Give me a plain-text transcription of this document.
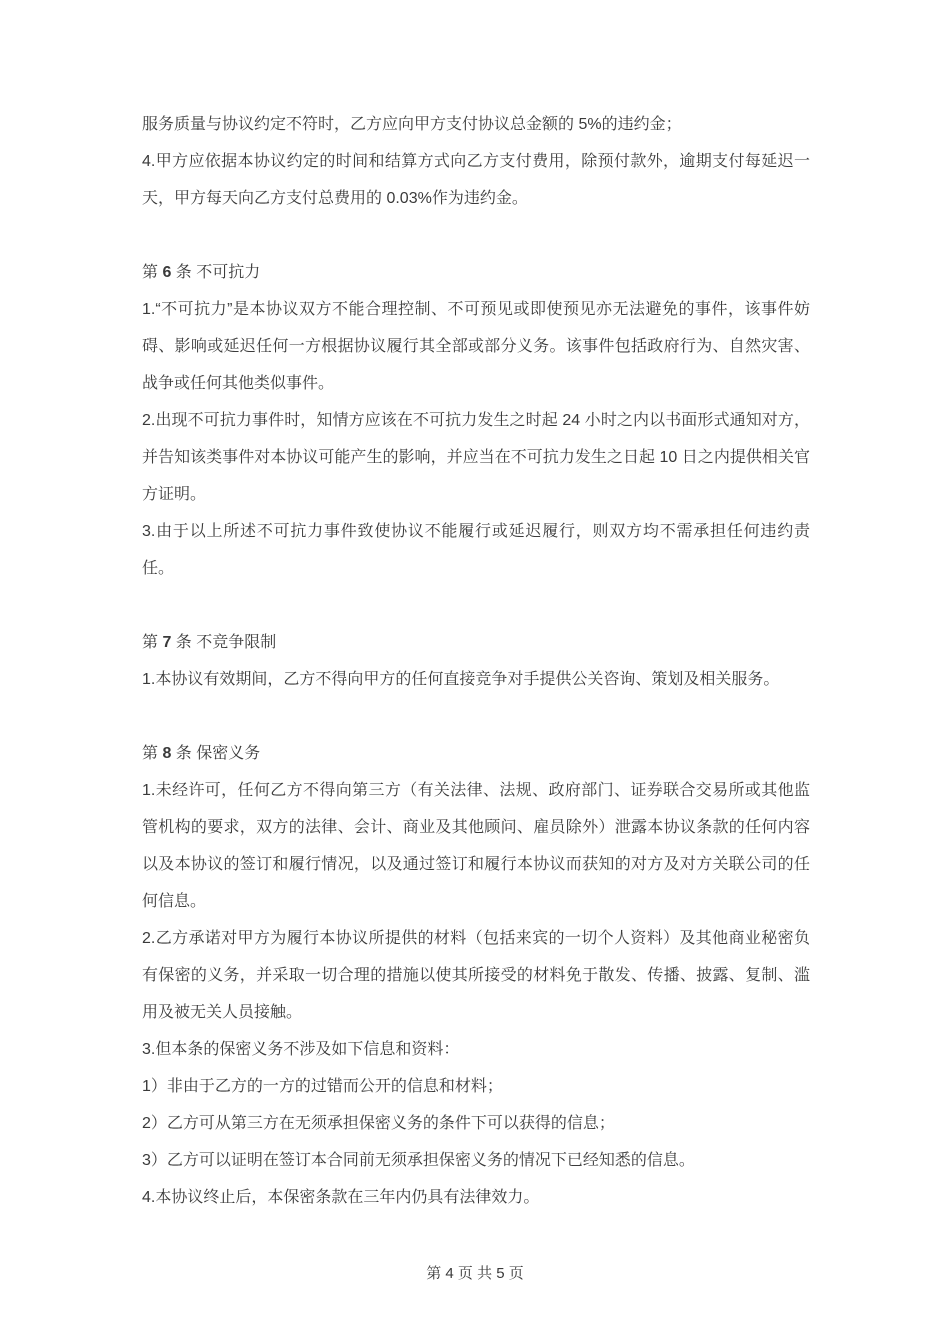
服务质量与协议约定不符时，乙方应向甲方支付协议总金额的 5%的违约金；

4.甲方应依据本协议约定的时间和结算方式向乙方支付费用，除预付款外，逾期支付每延迟一天，甲方每天向乙方支付总费用的 0.03%作为违约金。

第 6 条 不可抗力

1.“不可抗力”是本协议双方不能合理控制、不可预见或即使预见亦无法避免的事件，该事件妨碍、影响或延迟任何一方根据协议履行其全部或部分义务。该事件包括政府行为、自然灾害、战争或任何其他类似事件。

2.出现不可抗力事件时，知情方应该在不可抗力发生之时起 24 小时之内以书面形式通知对方，并告知该类事件对本协议可能产生的影响，并应当在不可抗力发生之日起 10 日之内提供相关官方证明。

3.由于以上所述不可抗力事件致使协议不能履行或延迟履行，则双方均不需承担任何违约责任。

第 7 条 不竞争限制

1.本协议有效期间，乙方不得向甲方的任何直接竞争对手提供公关咨询、策划及相关服务。

第 8 条 保密义务

1.未经许可，任何乙方不得向第三方（有关法律、法规、政府部门、证券联合交易所或其他监管机构的要求，双方的法律、会计、商业及其他顾问、雇员除外）泄露本协议条款的任何内容以及本协议的签订和履行情况，以及通过签订和履行本协议而获知的对方及对方关联公司的任何信息。

2.乙方承诺对甲方为履行本协议所提供的材料（包括来宾的一切个人资料）及其他商业秘密负有保密的义务，并采取一切合理的措施以使其所接受的材料免于散发、传播、披露、复制、滥用及被无关人员接触。

3.但本条的保密义务不涉及如下信息和资料：

1）非由于乙方的一方的过错而公开的信息和材料；

2）乙方可从第三方在无须承担保密义务的条件下可以获得的信息；

3）乙方可以证明在签订本合同前无须承担保密义务的情况下已经知悉的信息。

4.本协议终止后，本保密条款在三年内仍具有法律效力。

第 4 页 共 5 页
